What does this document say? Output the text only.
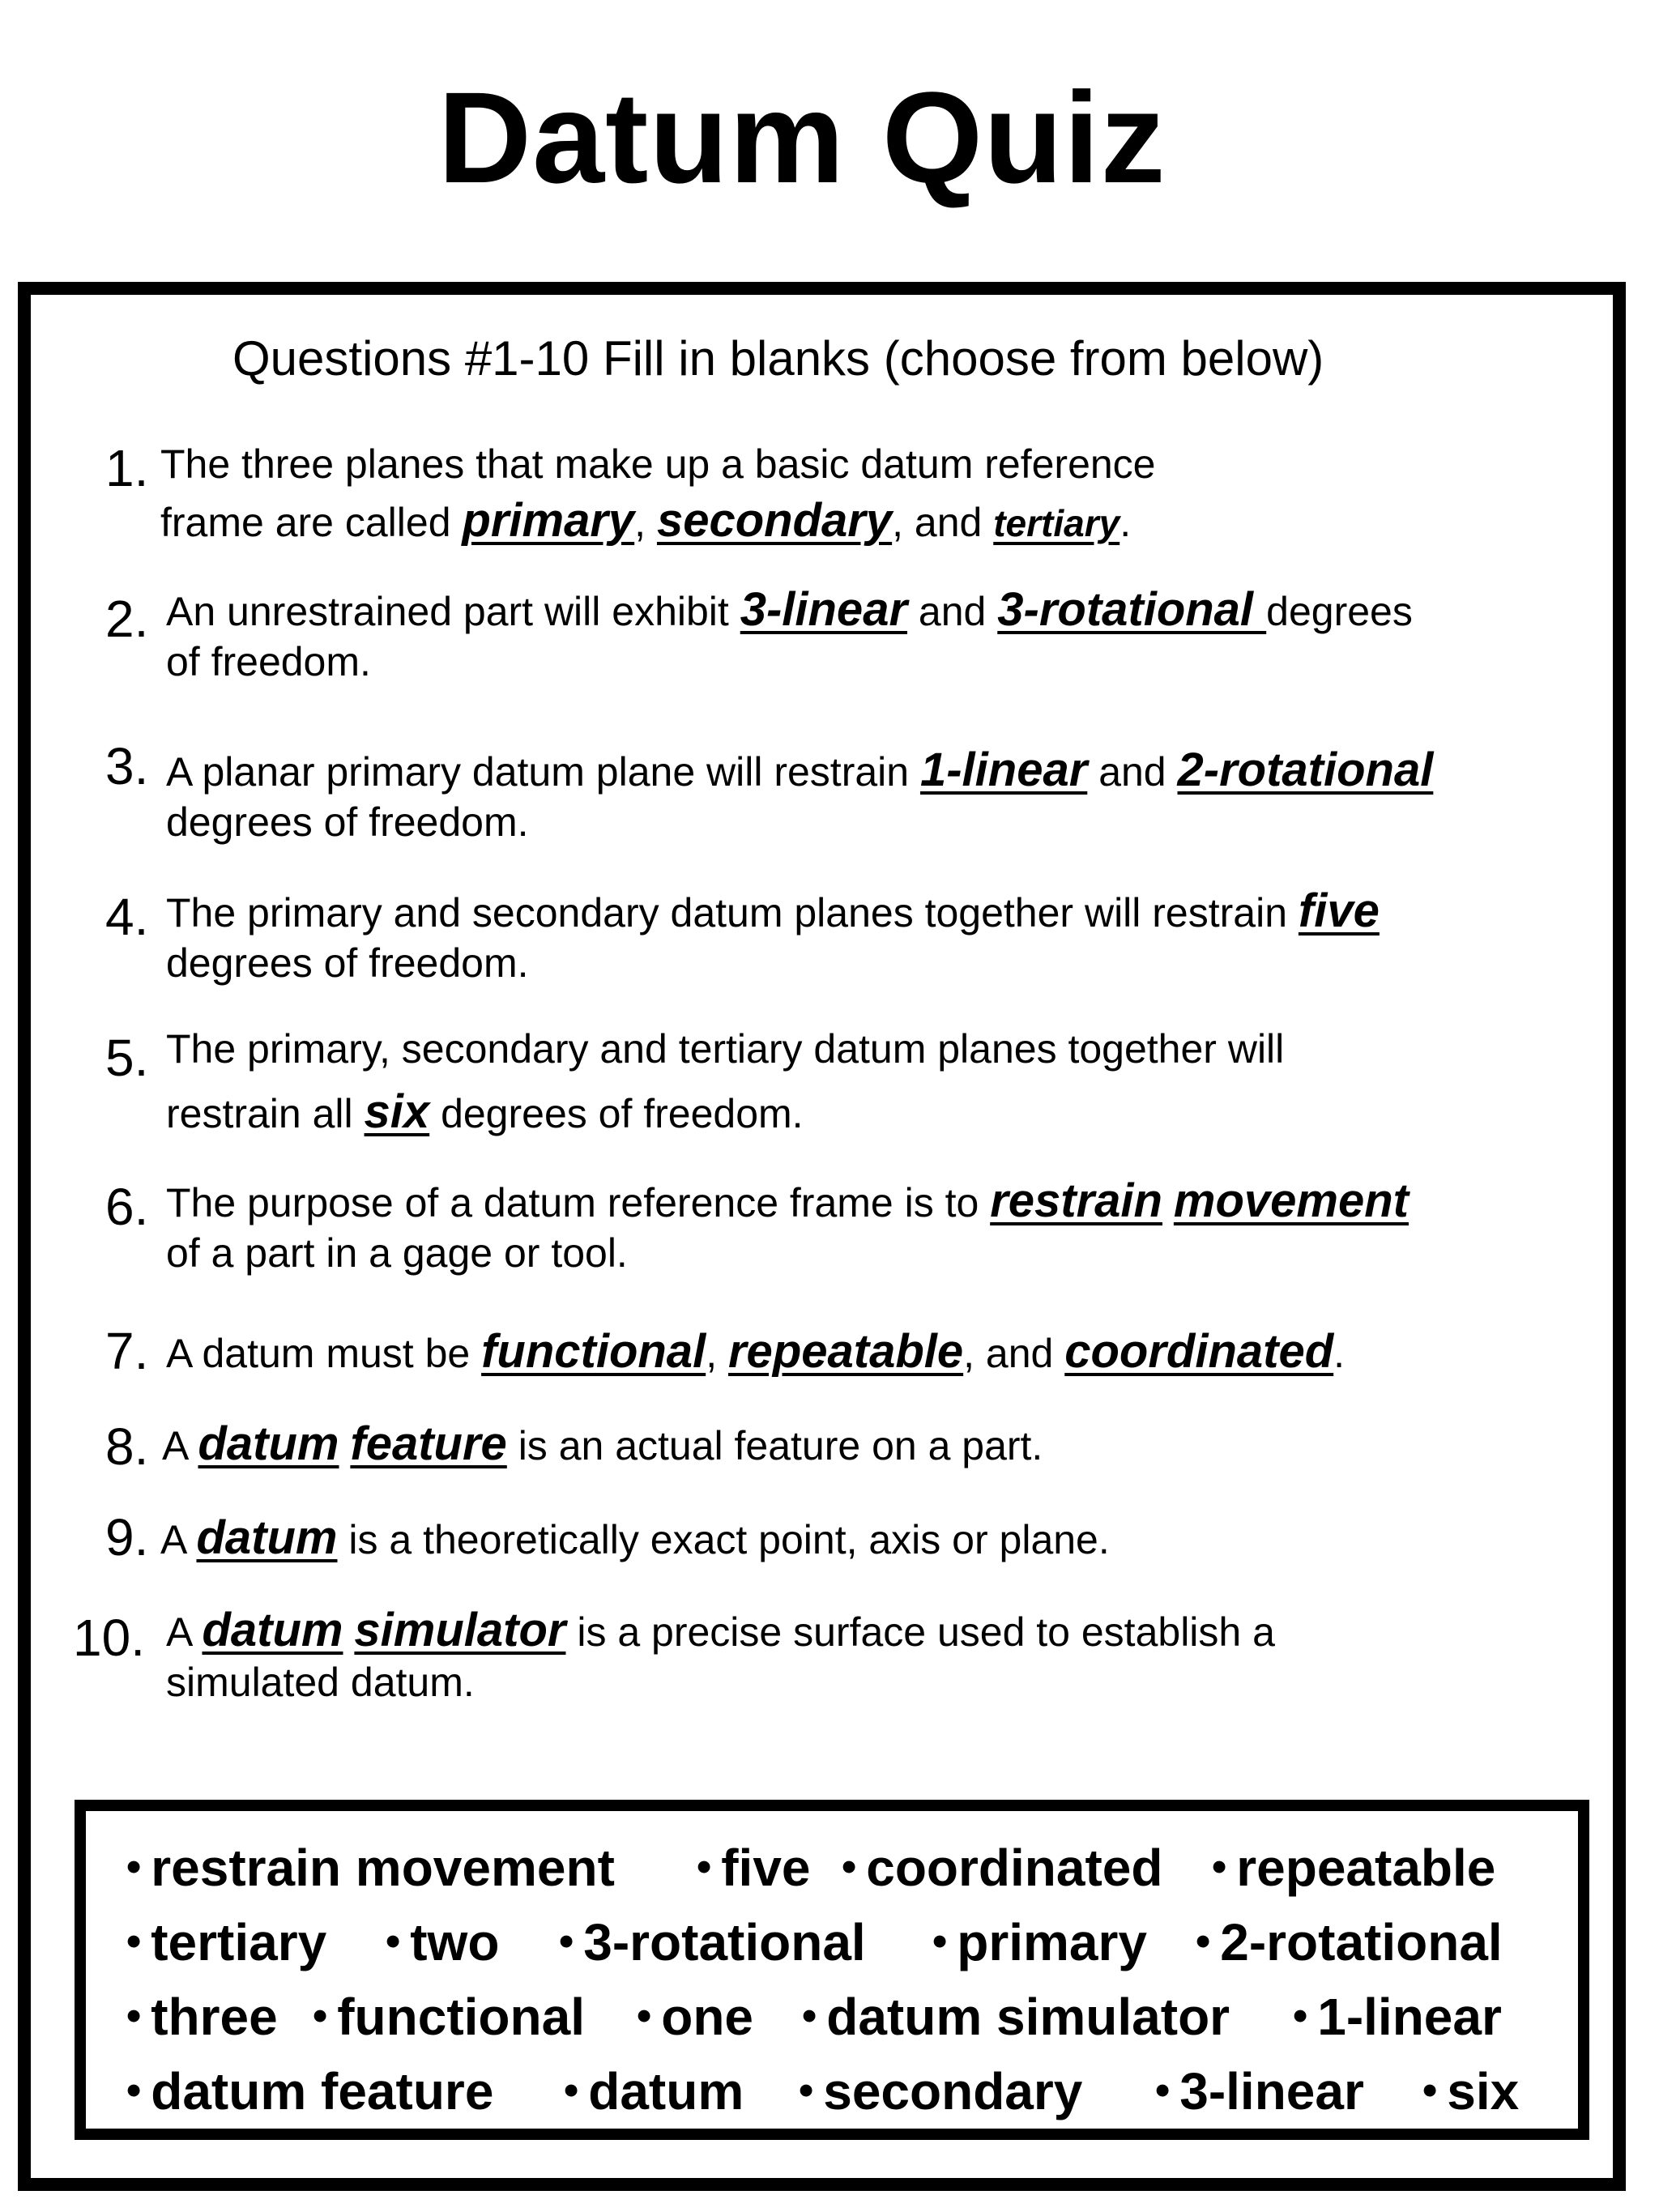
Datum Quiz
Questions #1-10 Fill in blanks (choose from below)
1. The three planes that make up a basic datum reference
frame are called primary, secondary, and tertiary.
2. An unrestrained part will exhibit 3-linear and 3-rotational degrees
of freedom.
3. A planar primary datum plane will restrain 1-linear and 2-rotational
degrees of freedom.
4. The primary and secondary datum planes together will restrain five
degrees of freedom.
5. The primary, secondary and tertiary datum planes together will
restrain all six degrees of freedom.
6. The purpose of a datum reference frame is to restrain movement
of a part in a gage or tool.
7. A datum must be functional, repeatable, and coordinated.
8. A datum feature is an actual feature on a part.
9. A datum is a theoretically exact point, axis or plane.
10. A datum simulator is a precise surface used to establish a
simulated datum.
• restrain movement • five • coordinated • repeatable
• tertiary • two • 3-rotational • primary • 2-rotational
• three • functional • one • datum simulator • 1-linear
• datum feature • datum • secondary • 3-linear • six
